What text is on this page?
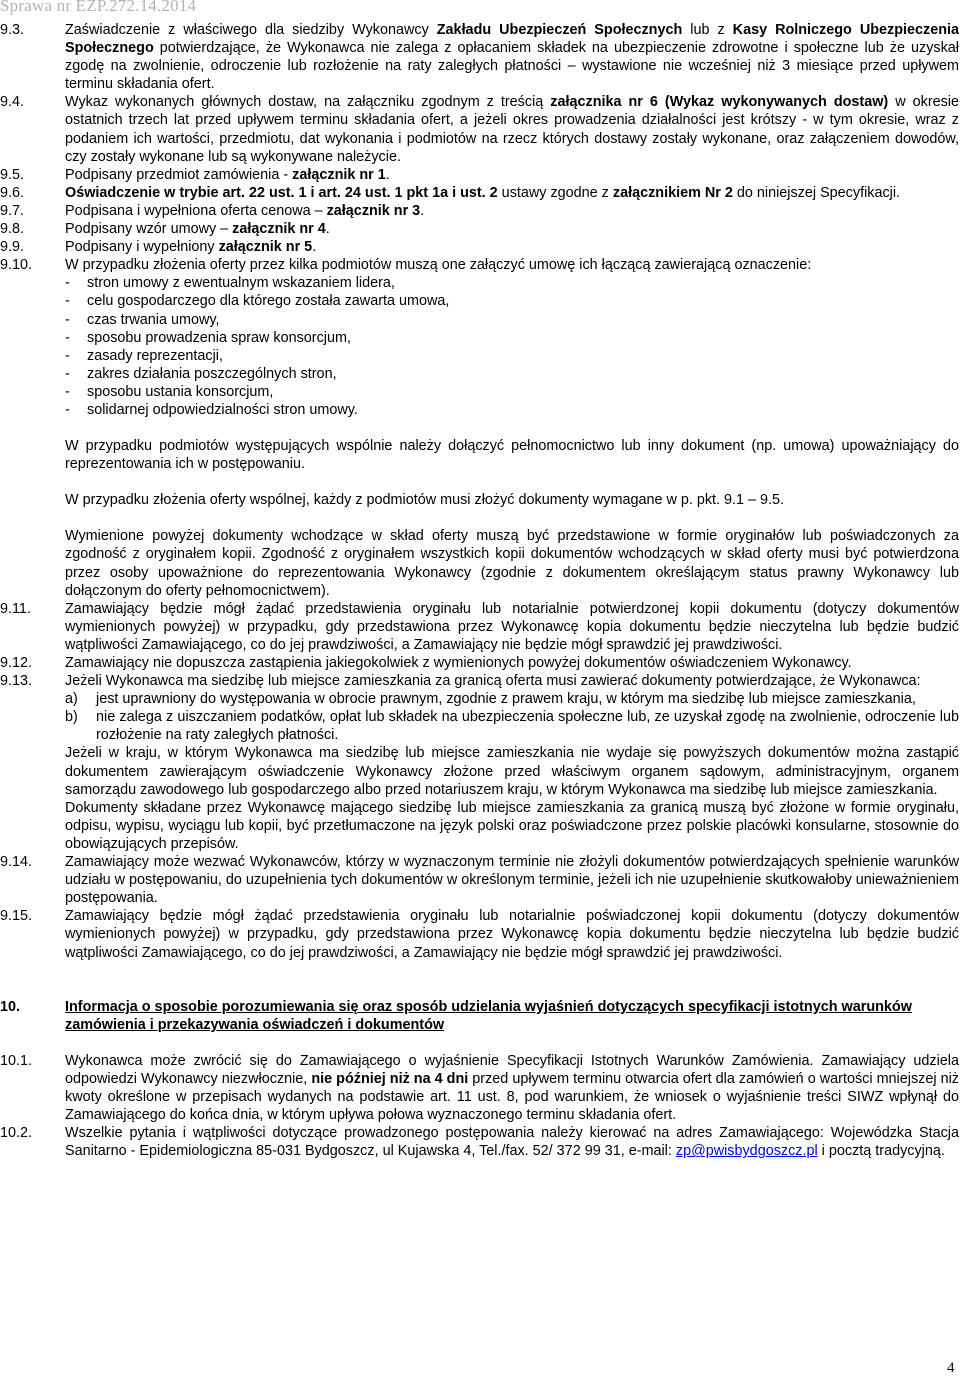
Sprawa nr EZP.272.14.2014
9.3.	Zaświadczenie z właściwego dla siedziby Wykonawcy Zakładu Ubezpieczeń Społecznych lub z Kasy Rolniczego Ubezpieczenia Społecznego potwierdzające, że Wykonawca nie zalega z opłacaniem składek na ubezpieczenie zdrowotne i społeczne lub że uzyskał zgodę na zwolnienie, odroczenie lub rozłożenie na raty zaległych płatności – wystawione nie wcześniej niż 3 miesiące przed upływem terminu składania ofert.
9.4.	Wykaz wykonanych głównych dostaw, na załączniku zgodnym z treścią załącznika nr 6 (Wykaz wykonywanych dostaw) w okresie ostatnich trzech lat przed upływem terminu składania ofert, a jeżeli okres prowadzenia działalności jest krótszy - w tym okresie, wraz z podaniem ich wartości, przedmiotu, dat wykonania i podmiotów na rzecz których dostawy zostały wykonane, oraz załączeniem dowodów, czy zostały wykonane lub są wykonywane należycie.
9.5.	Podpisany przedmiot zamówienia - załącznik nr 1.
9.6.	Oświadczenie w trybie art. 22 ust. 1 i art. 24 ust. 1 pkt 1a i ust. 2 ustawy zgodne z załącznikiem Nr 2 do niniejszej Specyfikacji.
9.7.	Podpisana i wypełniona oferta cenowa – załącznik nr 3.
9.8.	Podpisany wzór umowy – załącznik nr 4.
9.9.	Podpisany i wypełniony załącznik nr 5.
9.10.	W przypadku złożenia oferty przez kilka podmiotów muszą one załączyć umowę ich łączącą zawierającą oznaczenie:

-	stron umowy z ewentualnym wskazaniem lidera,
-	celu gospodarczego dla którego została zawarta umowa,
-	czas trwania umowy,
-	sposobu prowadzenia spraw konsorcjum,
-	zasady reprezentacji,
-	zakres działania poszczególnych stron,
-	sposobu ustania konsorcjum,
-	solidarnej odpowiedzialności stron umowy.

W przypadku podmiotów występujących wspólnie należy dołączyć pełnomocnictwo lub inny dokument (np. umowa) upoważniający do reprezentowania ich w postępowaniu.

W przypadku złożenia oferty wspólnej, każdy z podmiotów musi złożyć dokumenty wymagane w p. pkt. 9.1 – 9.5.

Wymienione powyżej dokumenty wchodzące w skład oferty muszą być przedstawione w formie oryginałów lub poświadczonych za zgodność z oryginałem kopii. Zgodność z oryginałem wszystkich kopii dokumentów wchodzących w skład oferty musi być potwierdzona przez osoby upoważnione do reprezentowania Wykonawcy (zgodnie z dokumentem określającym status prawny Wykonawcy lub dołączonym do oferty pełnomocnictwem).

9.11.	Zamawiający będzie mógł żądać przedstawienia oryginału lub notarialnie potwierdzonej kopii dokumentu (dotyczy dokumentów wymienionych powyżej) w przypadku, gdy przedstawiona przez Wykonawcę kopia dokumentu będzie nieczytelna lub będzie budzić wątpliwości Zamawiającego, co do jej prawdziwości, a Zamawiający nie będzie mógł sprawdzić jej prawdziwości.
9.12.	Zamawiający nie dopuszcza zastąpienia jakiegokolwiek z wymienionych powyżej dokumentów oświadczeniem Wykonawcy.
9.13.	Jeżeli Wykonawca ma siedzibę lub miejsce zamieszkania za granicą oferta musi zawierać dokumenty potwierdzające, że Wykonawca:

a)	jest uprawniony do występowania w obrocie prawnym, zgodnie z prawem kraju, w którym ma siedzibę lub miejsce zamieszkania,
b)	nie zalega z uiszczaniem podatków, opłat lub składek na ubezpieczenia społeczne lub, ze uzyskał zgodę na zwolnienie, odroczenie lub rozłożenie na raty zaległych płatności.

Jeżeli w kraju, w którym Wykonawca ma siedzibę lub miejsce zamieszkania nie wydaje się powyższych dokumentów można zastąpić dokumentem zawierającym oświadczenie Wykonawcy złożone przed właściwym organem sądowym, administracyjnym, organem samorządu zawodowego lub gospodarczego albo przed notariuszem kraju, w którym Wykonawca ma siedzibę lub miejsce zamieszkania.

Dokumenty składane przez Wykonawcę mającego siedzibę lub miejsce zamieszkania za granicą muszą być złożone w formie oryginału, odpisu, wypisu, wyciągu lub kopii, być przetłumaczone na język polski oraz poświadczone przez polskie placówki konsularne, stosownie do obowiązujących przepisów.

9.14.	Zamawiający może wezwać Wykonawców, którzy w wyznaczonym terminie nie złożyli dokumentów potwierdzających spełnienie warunków udziału w postępowaniu, do uzupełnienia tych dokumentów w określonym terminie, jeżeli ich nie uzupełnienie skutkowałoby unieważnieniem postępowania.
9.15.	Zamawiający będzie mógł żądać przedstawienia oryginału lub notarialnie poświadczonej kopii dokumentu (dotyczy dokumentów wymienionych powyżej) w przypadku, gdy przedstawiona przez Wykonawcę kopia dokumentu będzie nieczytelna lub będzie budzić wątpliwości Zamawiającego, co do jej prawdziwości, a Zamawiający nie będzie mógł sprawdzić jej prawdziwości.
10.	Informacja o sposobie porozumiewania się oraz sposób udzielania wyjaśnień dotyczących specyfikacji istotnych warunków zamówienia i przekazywania oświadczeń i dokumentów
10.1.	Wykonawca może zwrócić się do Zamawiającego o wyjaśnienie Specyfikacji Istotnych Warunków Zamówienia. Zamawiający udziela odpowiedzi Wykonawcy niezwłocznie, nie później niż na 4 dni przed upływem terminu otwarcia ofert dla zamówień o wartości mniejszej niż kwoty określone w przepisach wydanych na podstawie art. 11 ust. 8, pod warunkiem, że wniosek o wyjaśnienie treści SIWZ wpłynął do Zamawiającego do końca dnia, w którym upływa połowa wyznaczonego terminu składania ofert.
10.2.	Wszelkie pytania i wątpliwości dotyczące prowadzonego postępowania należy kierować na adres Zamawiającego: Wojewódzka Stacja Sanitarno - Epidemiologiczna 85-031 Bydgoszcz, ul Kujawska 4, Tel./fax. 52/ 372 99 31, e-mail: zp@pwisbydgoszcz.pl i pocztą tradycyjną.
4
